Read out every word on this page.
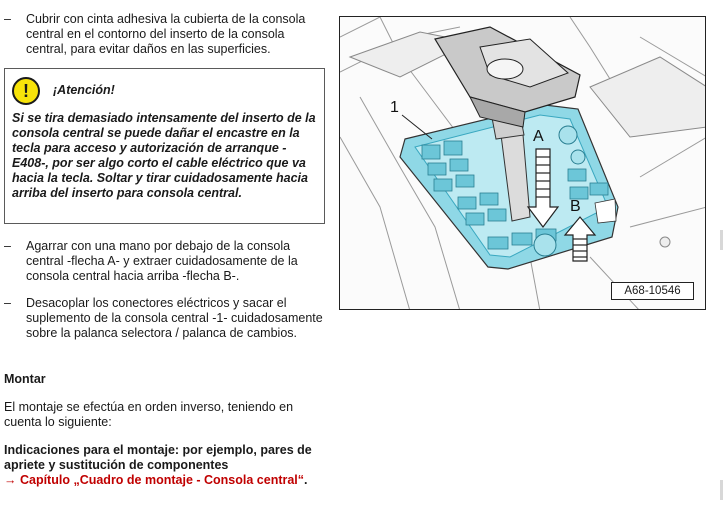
–	Cubrir con cinta adhesiva la cubierta de la consola central en el contorno del inserto de la consola central, para evitar daños en las superficies.
!	¡Atención!
Si se tira demasiado intensamente del inserto de la consola central se puede dañar el encastre en la tecla para acceso y autorización de arranque -E408-, por ser algo corto el cable eléctrico que va hacia la tecla. Soltar y tirar cuidadosamente hacia arriba del inserto para consola central.
–	Agarrar con una mano por debajo de la consola central -flecha A- y extraer cuidadosamente de la consola central hacia arriba -flecha B-.
–	Desacoplar los conectores eléctricos y sacar el suplemento de la consola central -1- cuidadosamente sobre la palanca selectora / palanca de cambios.
Montar
El montaje se efectúa en orden inverso, teniendo en cuenta lo siguiente:
Indicaciones para el montaje: por ejemplo, pares de apriete y sustitución de componentes
→ Capítulo „Cuadro de montaje - Consola central“.
1
A
B
A68-10546
